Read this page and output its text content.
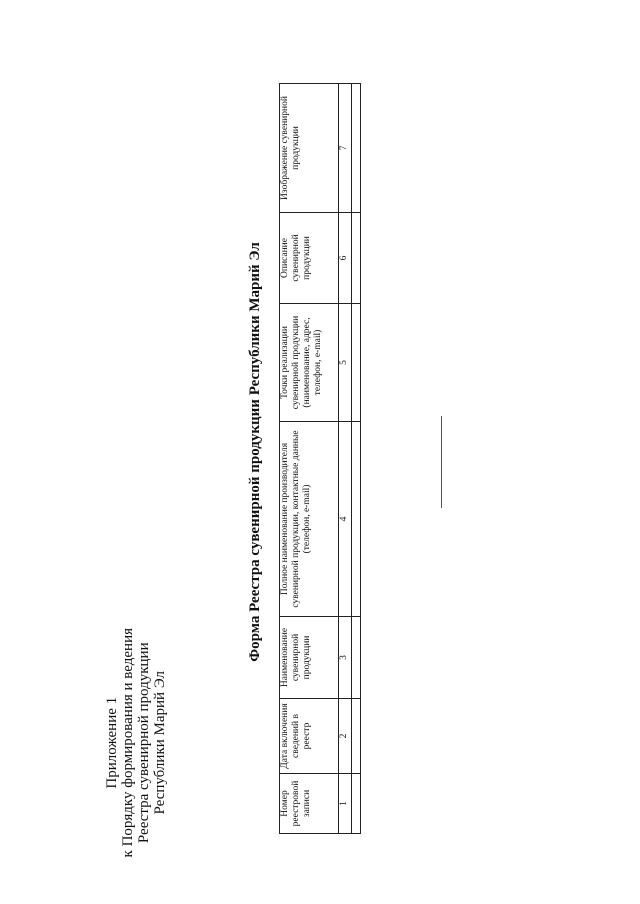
Приложение 1 к Порядку формирования и ведения Реестра сувенирной продукции Республики Марий Эл
Форма Реестра сувенирной продукции Республики Марий Эл
Номер реестровой записи	Дата включения сведений в реестр	Наименование сувенирной продукции	Полное наименование производителя сувенирной продукции, контактные данные (телефон, e-mail)	Точки реализации сувенирной продукции (наименование, адрес, телефон, e-mail)	Описание сувенирной продукции	Изображение сувенирной продукции
1	2	3	4	5	6	7
